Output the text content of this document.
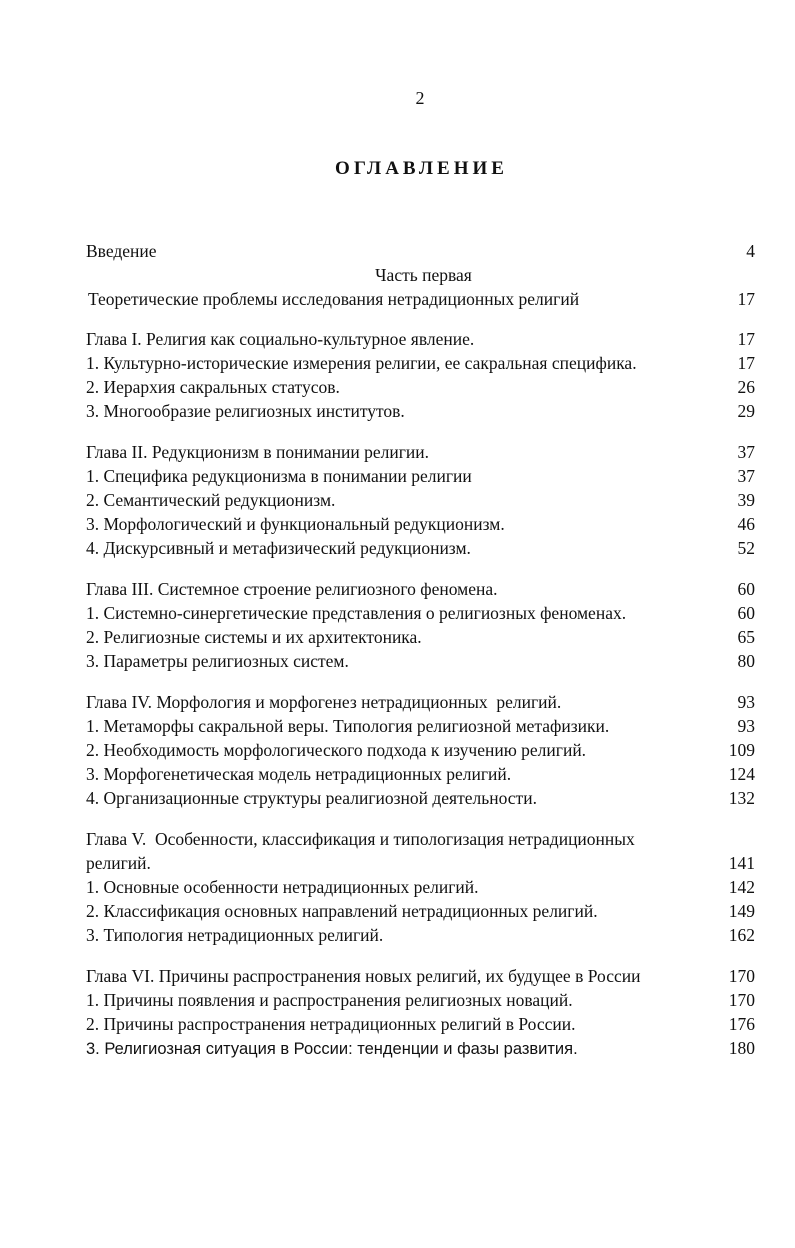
2
ОГЛАВЛЕНИЕ
Введение	4
Часть первая
Теоретические проблемы исследования нетрадиционных религий	17
Глава I. Религия как социально-культурное явление.	17
1. Культурно-исторические измерения религии, ее сакральная специфика.	17
2. Иерархия сакральных статусов.	26
3. Многообразие религиозных институтов.	29
Глава II. Редукционизм в понимании религии.	37
1. Специфика редукционизма в понимании религии	37
2. Семантический редукционизм.	39
3. Морфологический и функциональный редукционизм.	46
4. Дискурсивный и метафизический редукционизм.	52
Глава III. Системное строение религиозного феномена.	60
1. Системно-синергетические представления о религиозных феноменах.	60
2. Религиозные системы и их архитектоника.	65
3. Параметры религиозных систем.	80
Глава IV. Морфология и морфогенез нетрадиционных  религий.	93
1. Метаморфы сакральной веры. Типология религиозной метафизики.	93
2. Необходимость морфологического подхода к изучению религий.	109
3. Морфогенетическая модель нетрадиционных религий.	124
4. Организационные структуры реалигиозной деятельности.	132
Глава V.  Особенности, классификация и типологизация нетрадиционных
религий.	141
1. Основные особенности нетрадиционных религий.	142
2. Классификация основных направлений нетрадиционных религий.	149
3. Типология нетрадиционных религий.	162
Глава VI. Причины распространения новых религий, их будущее в России	170
1. Причины появления и распространения религиозных новаций.	170
2. Причины распространения нетрадиционных религий в России.	176
3. Религиозная ситуация в России: тенденции и фазы развития.	180
